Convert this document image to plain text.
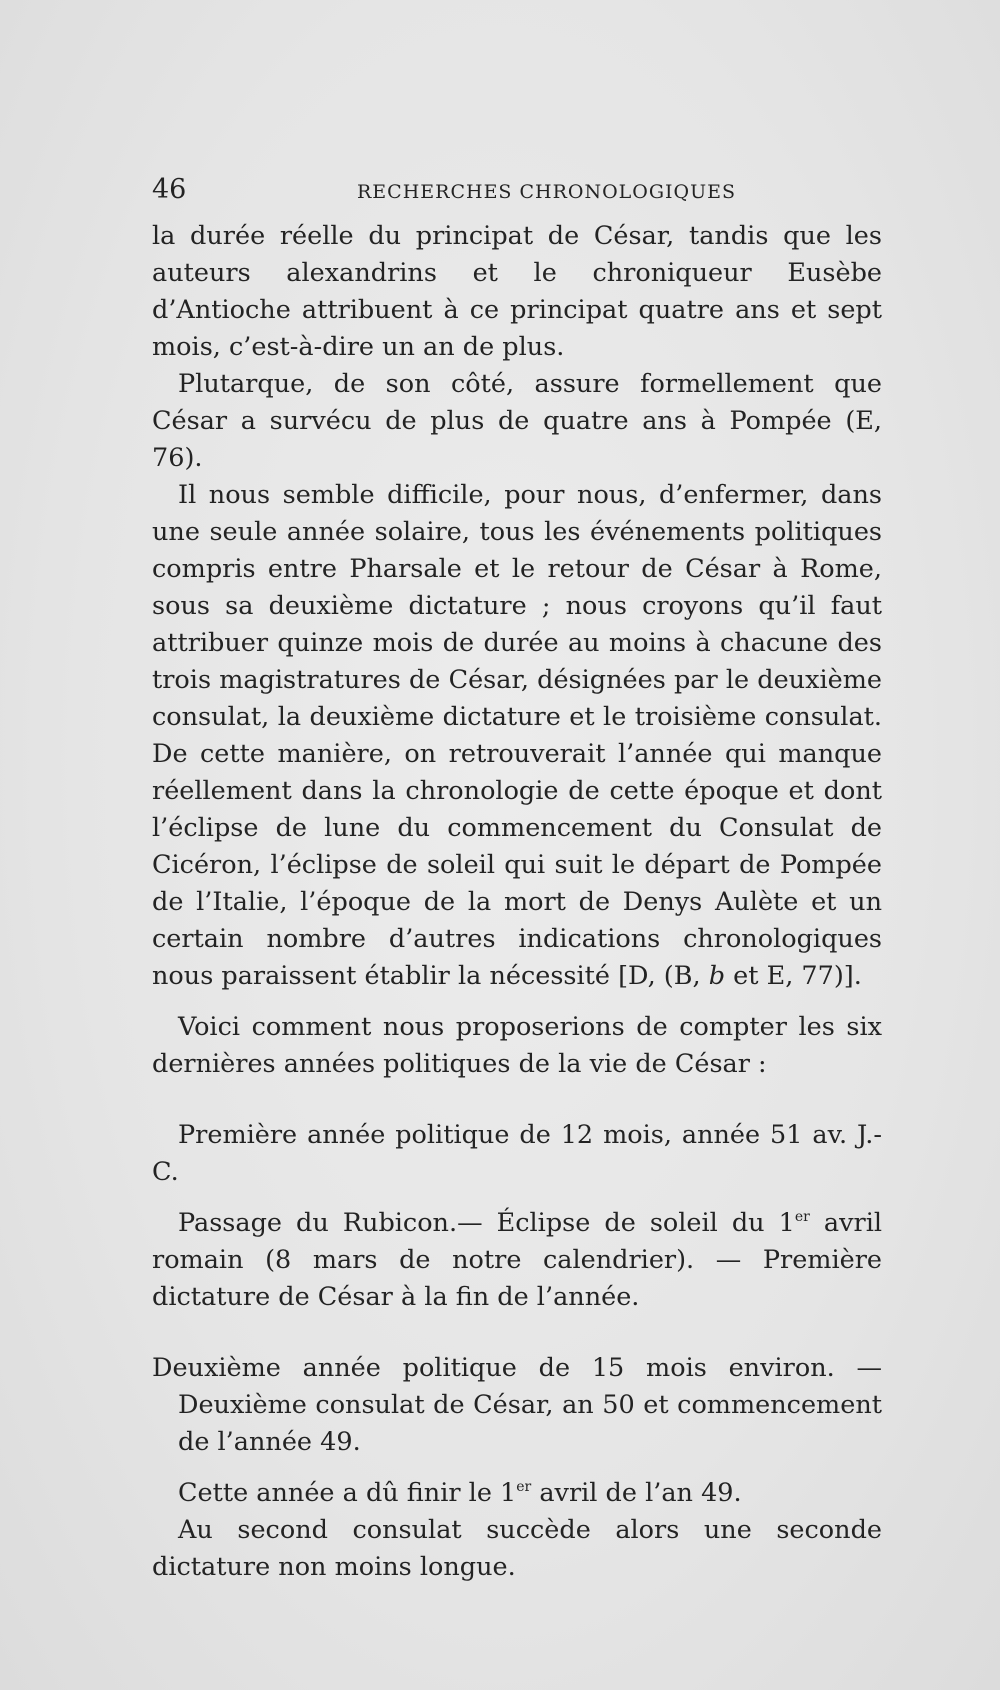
46	RECHERCHES CHRONOLOGIQUES

la durée réelle du principat de César, tandis que les auteurs alexandrins et le chroniqueur Eusèbe d’Antioche attribuent à ce principat quatre ans et sept mois, c’est-à-dire un an de plus.

Plutarque, de son côté, assure formellement que César a survécu de plus de quatre ans à Pompée (E, 76).

Il nous semble difficile, pour nous, d’enfermer, dans une seule année solaire, tous les événements politiques compris entre Pharsale et le retour de César à Rome, sous sa deuxième dictature ; nous croyons qu’il faut attribuer quinze mois de durée au moins à chacune des trois magistratures de César, désignées par le deuxième consulat, la deuxième dictature et le troisième consulat. De cette manière, on retrouverait l’année qui manque réellement dans la chronologie de cette époque et dont l’éclipse de lune du commencement du Consulat de Cicéron, l’éclipse de soleil qui suit le départ de Pompée de l’Italie, l’époque de la mort de Denys Aulète et un certain nombre d’autres indications chronologiques nous paraissent établir la nécessité [D, (B, b et E, 77)].

Voici comment nous proposerions de compter les six dernières années politiques de la vie de César :

Première année politique de 12 mois, année 51 av. J.-C.

Passage du Rubicon.— Éclipse de soleil du 1er avril romain (8 mars de notre calendrier). — Première dictature de César à la fin de l’année.

Deuxième année politique de 15 mois environ. — Deuxième consulat de César, an 50 et commencement de l’année 49.

Cette année a dû finir le 1er avril de l’an 49.

Au second consulat succède alors une seconde dictature non moins longue.
